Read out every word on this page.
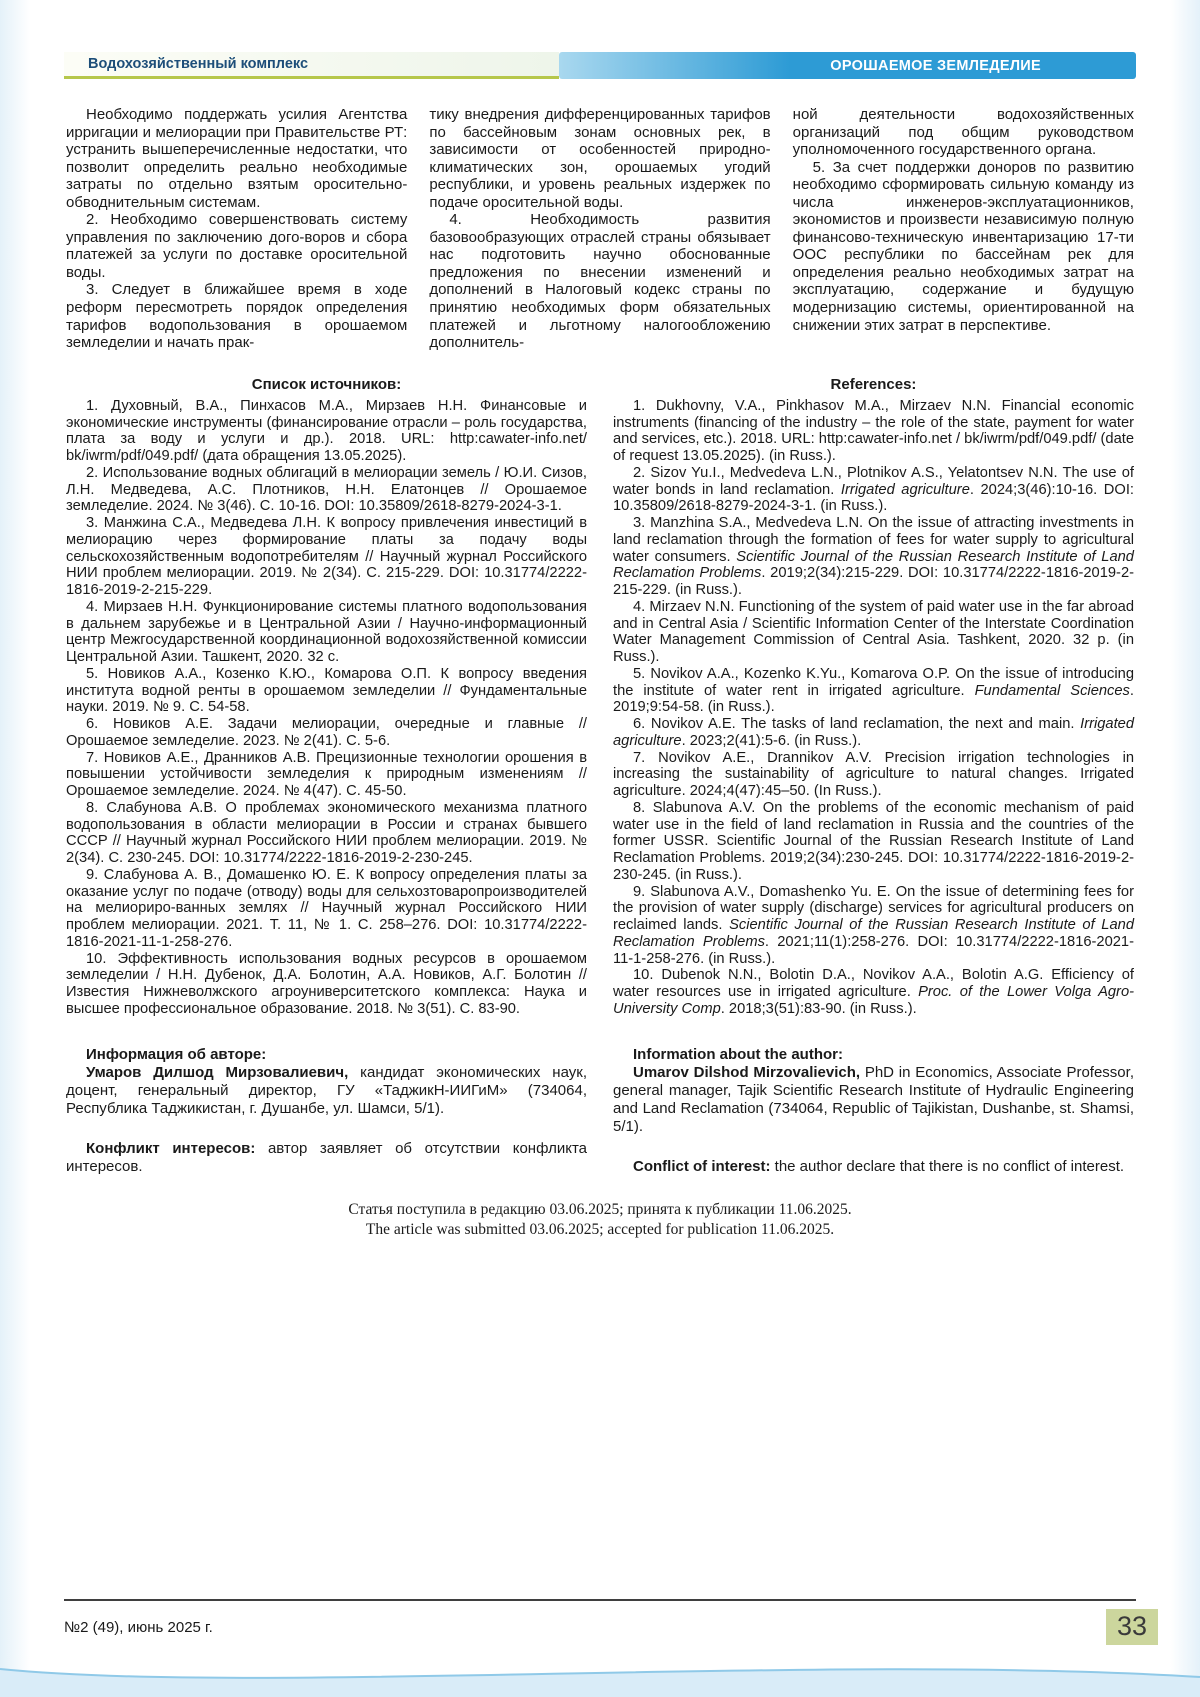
Водохозяйственный комплекс	ОРОШАЕМОЕ ЗЕМЛЕДЕЛИЕ

Необходимо поддержать усилия Агентства ирригации и мелиорации при Правительстве РТ: устранить вышеперечисленные недостатки, что позволит определить реально необходимые затраты по отдельно взятым оросительно-обводнительным системам.

2. Необходимо совершенствовать систему управления по заключению дого-воров и сбора платежей за услуги по доставке оросительной воды.

3. Следует в ближайшее время в ходе реформ пересмотреть порядок определения тарифов водопользования в орошаемом земледелии и начать прак-

тику внедрения дифференцированных тарифов по бассейновым зонам основных рек, в зависимости от особенностей природно-климатических зон, орошаемых угодий республики, и уровень реальных издержек по подаче оросительной воды.

4. Необходимость развития базовообразующих отраслей страны обязывает нас подготовить научно обоснованные предложения по внесении изменений и дополнений в Налоговый кодекс страны по принятию необходимых форм обязательных платежей и льготному налогообложению дополнитель-

ной деятельности водохозяйственных организаций под общим руководством уполномоченного государственного органа.

5. За счет поддержки доноров по развитию необходимо сформировать сильную команду из числа инженеров-эксплуатационников, экономистов и произвести независимую полную финансово-техническую инвентаризацию 17-ти ООС республики по бассейнам рек для определения реально необходимых затрат на эксплуатацию, содержание и будущую модернизацию системы, ориентированной на снижении этих затрат в перспективе.

Список источников:

1. Духовный, В.А., Пинхасов М.А., Мирзаев Н.Н. Финансовые и экономические инструменты (финансирование отрасли – роль государства, плата за воду и услуги и др.). 2018. URL: http:cawater-info.net/ bk/iwrm/pdf/049.pdf/ (дата обращения 13.05.2025).

2. Использование водных облигаций в мелиорации земель / Ю.И. Сизов, Л.Н. Медведева, А.С. Плотников, Н.Н. Елатонцев // Орошаемое земледелие. 2024. № 3(46). С. 10-16. DOI: 10.35809/2618-8279-2024-3-1.

3. Манжина С.А., Медведева Л.Н. К вопросу привлечения инвестиций в мелиорацию через формирование платы за подачу воды сельскохозяйственным водопотребителям // Научный журнал Российского НИИ проблем мелиорации. 2019. № 2(34). С. 215-229. DOI: 10.31774/2222-1816-2019-2-215-229.

4. Мирзаев Н.Н. Функционирование системы платного водопользования в дальнем зарубежье и в Центральной Азии / Научно-информационный центр Межгосударственной координационной водохозяйственной комиссии Центральной Азии. Ташкент, 2020. 32 с.

5. Новиков А.А., Козенко К.Ю., Комарова О.П. К вопросу введения института водной ренты в орошаемом земледелии // Фундаментальные науки. 2019. № 9. С. 54-58.

6. Новиков А.Е. Задачи мелиорации, очередные и главные // Орошаемое земледелие. 2023. № 2(41). С. 5-6.

7. Новиков А.Е., Дранников А.В. Прецизионные технологии орошения в повышении устойчивости земледелия к природным изменениям // Орошаемое земледелие. 2024. № 4(47). С. 45-50.

8. Слабунова А.В. О проблемах экономического механизма платного водопользования в области мелиорации в России и странах бывшего СССР // Научный журнал Российского НИИ проблем мелиорации. 2019. № 2(34). С. 230-245. DOI: 10.31774/2222-1816-2019-2-230-245.

9. Слабунова А. В., Домашенко Ю. Е. К вопросу определения платы за оказание услуг по подаче (отводу) воды для сельхозтоваропроизводителей на мелиориро-ванных землях // Научный журнал Российского НИИ проблем мелиорации. 2021. Т. 11, № 1. С. 258–276. DOI: 10.31774/2222-1816-2021-11-1-258-276.

10. Эффективность использования водных ресурсов в орошаемом земледелии / Н.Н. Дубенок, Д.А. Болотин, А.А. Новиков, А.Г. Болотин // Известия Нижневолжского агроуниверситетского комплекса: Наука и высшее профессиональное образование. 2018. № 3(51). С. 83-90.

References:

1. Dukhovny, V.A., Pinkhasov M.A., Mirzaev N.N. Financial economic instruments (financing of the industry – the role of the state, payment for water and services, etc.). 2018. URL: http:cawater-info.net / bk/iwrm/pdf/049.pdf/ (date of request 13.05.2025). (in Russ.).

2. Sizov Yu.I., Medvedeva L.N., Plotnikov A.S., Yelatontsev N.N. The use of water bonds in land reclamation. Irrigated agriculture. 2024;3(46):10-16. DOI: 10.35809/2618-8279-2024-3-1. (in Russ.).

3. Manzhina S.A., Medvedeva L.N. On the issue of attracting investments in land reclamation through the formation of fees for water supply to agricultural water consumers. Scientific Journal of the Russian Research Institute of Land Reclamation Problems. 2019;2(34):215-229. DOI: 10.31774/2222-1816-2019-2-215-229. (in Russ.).

4. Mirzaev N.N. Functioning of the system of paid water use in the far abroad and in Central Asia / Scientific Information Center of the Interstate Coordination Water Management Commission of Central Asia. Tashkent, 2020. 32 p. (in Russ.).

5. Novikov A.A., Kozenko K.Yu., Komarova O.P. On the issue of introducing the institute of water rent in irrigated agriculture. Fundamental Sciences. 2019;9:54-58. (in Russ.).

6. Novikov A.E. The tasks of land reclamation, the next and main. Irrigated agriculture. 2023;2(41):5-6. (in Russ.).

7. Novikov A.E., Drannikov A.V. Precision irrigation technologies in increasing the sustainability of agriculture to natural changes. Irrigated agriculture. 2024;4(47):45–50. (In Russ.).

8. Slabunova A.V. On the problems of the economic mechanism of paid water use in the field of land reclamation in Russia and the countries of the former USSR. Scientific Journal of the Russian Research Institute of Land Reclamation Problems. 2019;2(34):230-245. DOI: 10.31774/2222-1816-2019-2-230-245. (in Russ.).

9. Slabunova A.V., Domashenko Yu. E. On the issue of determining fees for the provision of water supply (discharge) services for agricultural producers on reclaimed lands. Scientific Journal of the Russian Research Institute of Land Reclamation Problems. 2021;11(1):258-276. DOI: 10.31774/2222-1816-2021-11-1-258-276. (in Russ.).

10. Dubenok N.N., Bolotin D.A., Novikov A.A., Bolotin A.G. Efficiency of water resources use in irrigated agriculture. Proc. of the Lower Volga Agro-University Comp. 2018;3(51):83-90. (in Russ.).

Информация об авторе:

Умаров Дилшод Мирзовалиевич, кандидат экономических наук, доцент, генеральный директор, ГУ «ТаджикН-ИИГиМ» (734064, Республика Таджикистан, г. Душанбе, ул. Шамси, 5/1).

Конфликт интересов: автор заявляет об отсутствии конфликта интересов.

Information about the author:

Umarov Dilshod Mirzovalievich, PhD in Economics, Associate Professor, general manager, Tajik Scientific Research Institute of Hydraulic Engineering and Land Reclamation (734064, Republic of Tajikistan, Dushanbe, st. Shamsi, 5/1).

Conflict of interest: the author declare that there is no conflict of interest.

Статья поступила в редакцию 03.06.2025; принята к публикации 11.06.2025.

The article was submitted 03.06.2025; accepted for publication 11.06.2025.

№2 (49), июнь 2025 г.	33
